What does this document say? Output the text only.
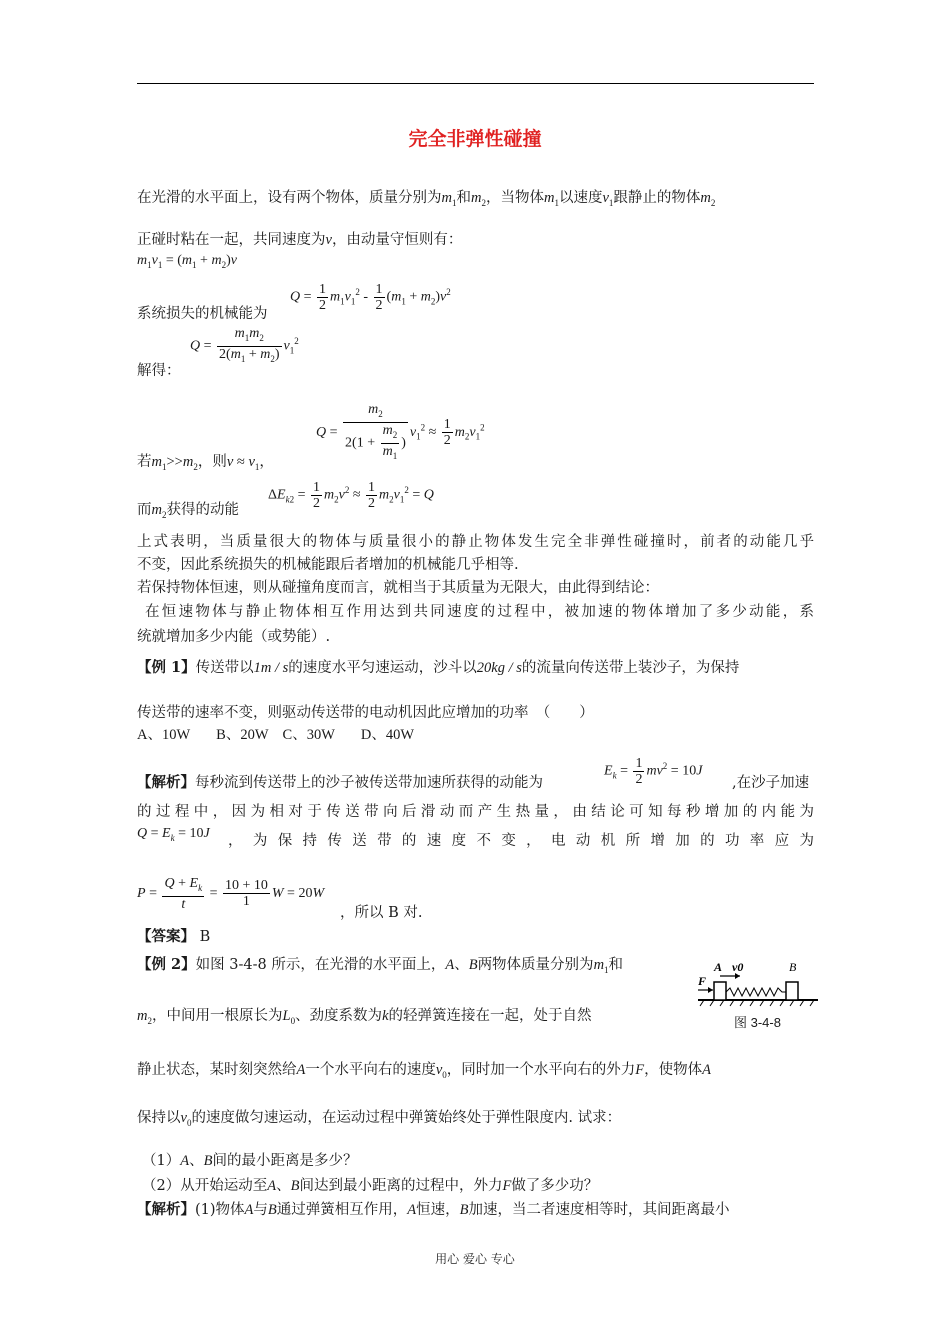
完全非弹性碰撞
在光滑的水平面上，设有两个物体，质量分别为$m_1$和$m_2$，当物体$m_1$以速度$v_1$跟静止的物体$m_2$
正碰时粘在一起，共同速度为v，由动量守恒则有：
$m_1v_1 = (m_1 + m_2)v$
$Q = \frac{1}{2} m_1v_1^2 - \frac{1}{2} (m_1 + m_2)v^2$
系统损失的机械能为
$Q = \frac{m_1m_2}{2(m_1 + m_2)} v_1^2$
解得：
$Q = \frac{m_2}{2(1 + \frac{m_2}{m_1} )} v_1^2 \approx \frac{1}{2} m_2v_1^2$
若$m_1>>m_2$，则$v \approx v_1$，
而$m_2$获得的动能
$\Delta E_{k2} = \frac{1}{2} m_2v^2 \approx \frac{1}{2} m_2v_1^2 = Q$
上式表明，当质量很大的物体与质量很小的静止物体发生完全非弹性碰撞时，前者的动能几乎
不变，因此系统损失的机械能跟后者增加的机械能几乎相等.
若保持物体恒速，则从碰撞角度而言，就相当于其质量为无限大，由此得到结论：
在恒速物体与静止物体相互作用达到共同速度的过程中，被加速的物体增加了多少动能，系
统就增加多少内能（或势能）.
【例 1】传送带以1m / s的速度水平匀速运动，沙斗以20kg / s的流量向传送带上装沙子，为保持
传送带的速率不变，则驱动传送带的电动机因此应增加的功率　（　　）
A、10W B、20W C、30W D、40W
【解析】每秒流到传送带上的沙子被传送带加速所获得的动能为
$E_k = \frac{1}{2} mv^2 = 10J$
,在沙子加速
的过程中，因为相对于传送带向后滑动而产生热量，由结论可知每秒增加的内能为
$Q = E_k = 10J$ ，为保持传送带的速度不变，电动机所增加的功率应为
$P = \frac{Q + E_k}{t} = \frac{10 + 10}{1}$ W = 20W
，所以 B 对.
【答案】 B
【例 2】如图 3-4-8 所示，在光滑的水平面上，A、B两物体质量分别为$m_1$和
$m_2$，中间用一根原长为$L_0$、劲度系数为k的轻弹簧连接在一起，处于自然
F
A v0	B
图 3-4-8
静止状态，某时刻突然给A一个水平向右的速度$v_0$，同时加一个水平向右的外力F，使物体A
保持以$v_0$的速度做匀速运动，在运动过程中弹簧始终处于弹性限度内. 试求：
（1）A、B间的最小距离是多少？
（2）从开始运动至A、B间达到最小距离的过程中，外力F做了多少功？
【解析】(1)物体A与B通过弹簧相互作用，A恒速，B加速，当二者速度相等时，其间距离最小
用心 爱心 专心
